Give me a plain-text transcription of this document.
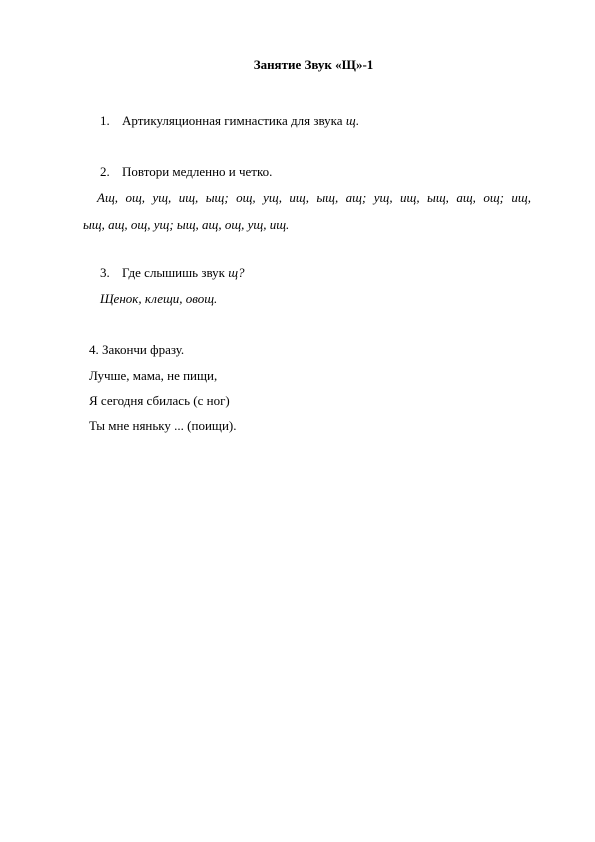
Занятие Звук «Щ»-1
1. Артикуляционная гимнастика для звука щ.
2. Повтори медленно и четко.
Ащ, ощ, ущ, ищ, ыщ; ощ, ущ, ищ, ыщ, ащ; ущ, ищ, ыщ, ащ, ощ; ищ,
ыщ, ащ, ощ, ущ; ыщ, ащ, ощ, ущ, ищ.
3. Где слышишь звук щ?
Щенок, клещи, овощ.
4. Закончи фразу.
Лучше, мама, не пищи,
Я сегодня сбилась (с ног)
Ты мне няньку ... (поищи).
